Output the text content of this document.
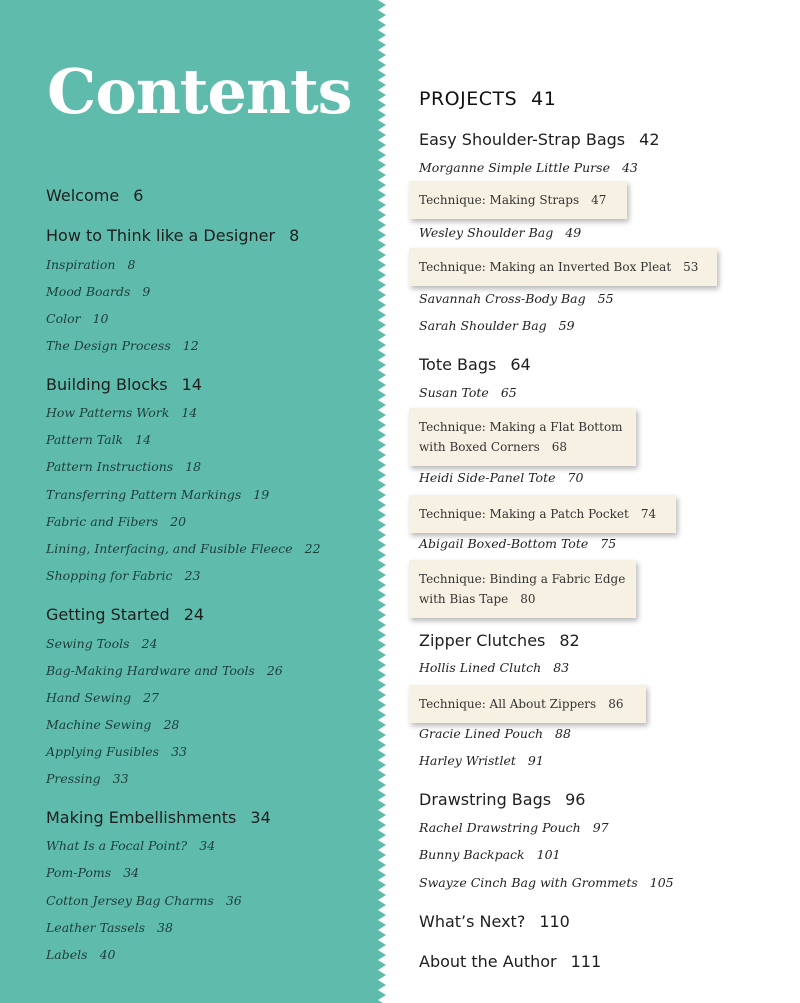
Contents
Welcome 6
How to Think like a Designer 8
Inspiration 8
Mood Boards 9
Color 10
The Design Process 12
Building Blocks 14
How Patterns Work 14
Pattern Talk 14
Pattern Instructions 18
Transferring Pattern Markings 19
Fabric and Fibers 20
Lining, Interfacing, and Fusible Fleece 22
Shopping for Fabric 23
Getting Started 24
Sewing Tools 24
Bag-Making Hardware and Tools 26
Hand Sewing 27
Machine Sewing 28
Applying Fusibles 33
Pressing 33
Making Embellishments 34
What Is a Focal Point? 34
Pom-Poms 34
Cotton Jersey Bag Charms 36
Leather Tassels 38
Labels 40
PROJECTS 41
Easy Shoulder-Strap Bags 42
Morganne Simple Little Purse 43
Technique: Making Straps 47
Wesley Shoulder Bag 49
Technique: Making an Inverted Box Pleat 53
Savannah Cross-Body Bag 55
Sarah Shoulder Bag 59
Tote Bags 64
Susan Tote 65
Technique: Making a Flat Bottom
with Boxed Corners 68
Heidi Side-Panel Tote 70
Technique: Making a Patch Pocket 74
Abigail Boxed-Bottom Tote 75
Technique: Binding a Fabric Edge
with Bias Tape 80
Zipper Clutches 82
Hollis Lined Clutch 83
Technique: All About Zippers 86
Gracie Lined Pouch 88
Harley Wristlet 91
Drawstring Bags 96
Rachel Drawstring Pouch 97
Bunny Backpack 101
Swayze Cinch Bag with Grommets 105
What’s Next? 110
About the Author 111
